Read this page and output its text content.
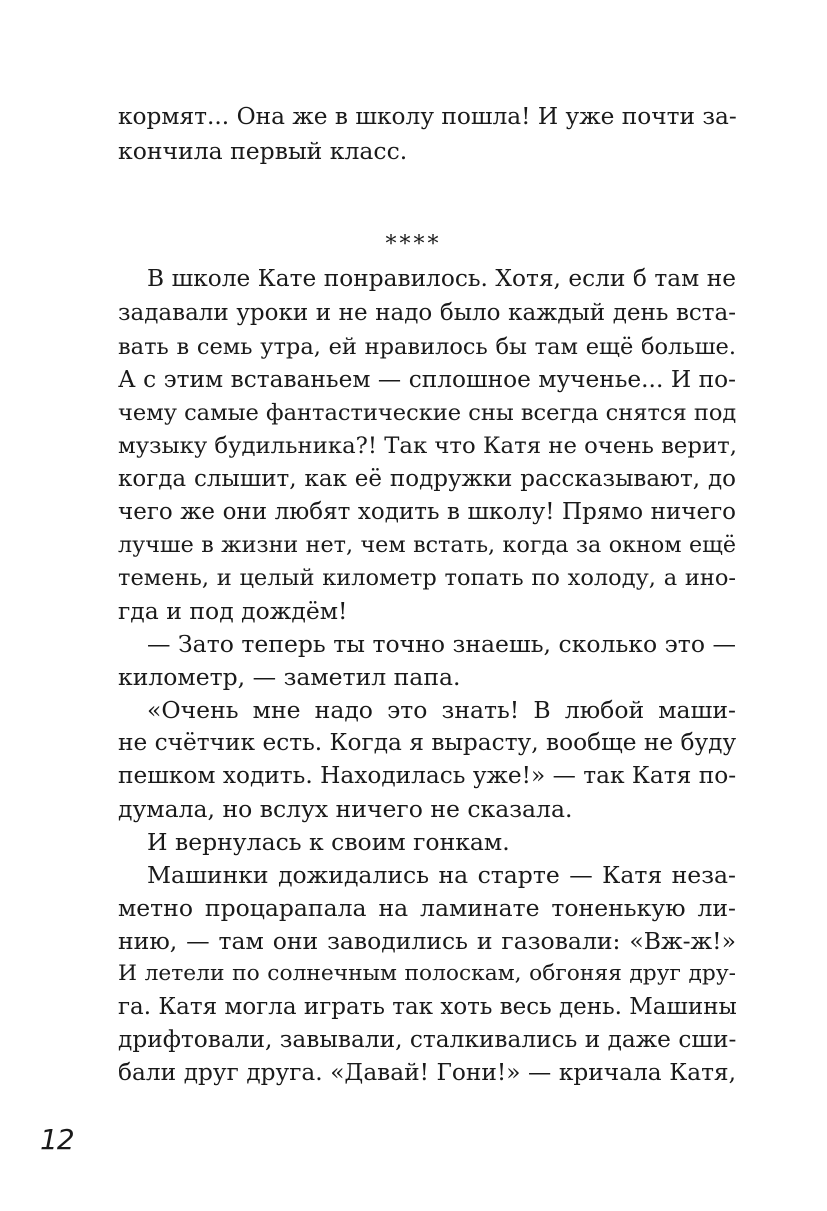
кормят... Она же в школу пошла! И уже почти за-
кончила первый класс.
****
В школе Кате понравилось. Хотя, если б там не
задавали уроки и не надо было каждый день вста-
вать в семь утра, ей нравилось бы там ещё больше.
А с этим вставаньем — сплошное мученье... И по-
чему самые фантастические сны всегда снятся под
музыку будильника?! Так что Катя не очень верит,
когда слышит, как её подружки рассказывают, до
чего же они любят ходить в школу! Прямо ничего
лучше в жизни нет, чем встать, когда за окном ещё
темень, и целый километр топать по холоду, а ино-
гда и под дождём!
— Зато теперь ты точно знаешь, сколько это —
километр, — заметил папа.
«Очень мне надо это знать! В любой маши-
не счётчик есть. Когда я вырасту, вообще не буду
пешком ходить. Находилась уже!» — так Катя по-
думала, но вслух ничего не сказала.
И вернулась к своим гонкам.
Машинки дожидались на старте — Катя неза-
метно процарапала на ламинате тоненькую ли-
нию, — там они заводились и газовали: «Вж-ж!»
И летели по солнечным полоскам, обгоняя друг дру-
га. Катя могла играть так хоть весь день. Машины
дрифтовали, завывали, сталкивались и даже сши-
бали друг друга. «Давай! Гони!» — кричала Катя,
12
